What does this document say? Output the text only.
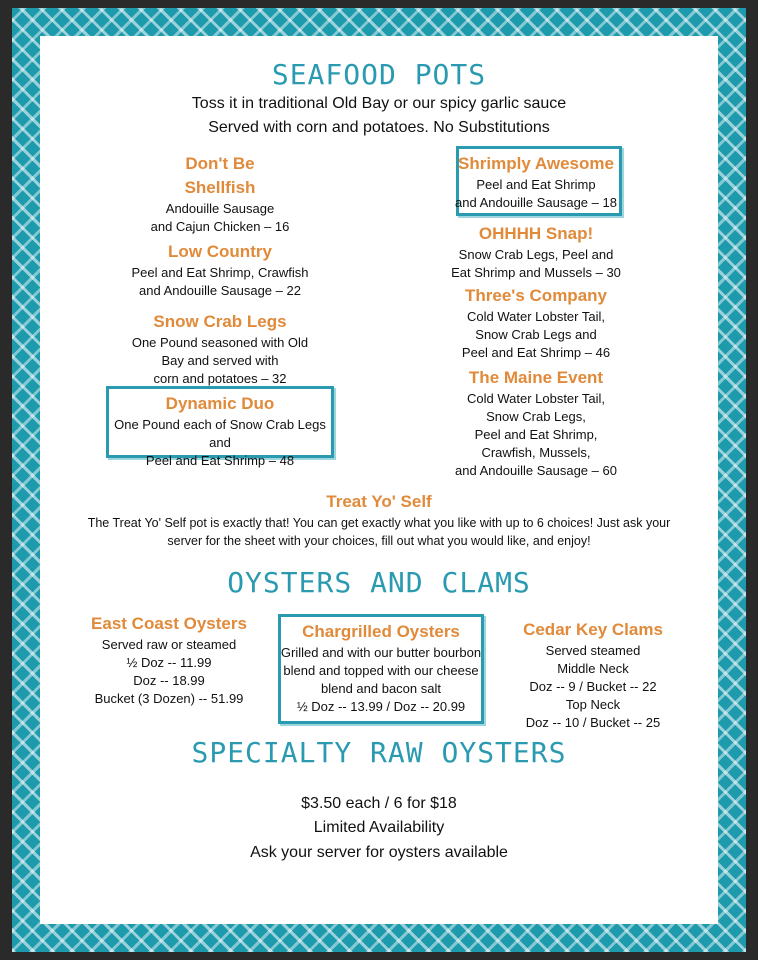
SEAFOOD POTS
Toss it in traditional Old Bay or our spicy garlic sauce
Served with corn and potatoes. No Substitutions
Don't Be
Shellfish
Andouille Sausage
and Cajun Chicken – 16
Low Country
Peel and Eat Shrimp, Crawfish
and Andouille Sausage – 22
Snow Crab Legs
One Pound seasoned with Old
Bay and served with
corn and potatoes – 32
Dynamic Duo
One Pound each of Snow Crab Legs and
Peel and Eat Shrimp – 48
Shrimply Awesome
Peel and Eat Shrimp
and Andouille Sausage – 18
OHHHH Snap!
Snow Crab Legs, Peel and
Eat Shrimp and Mussels – 30
Three's Company
Cold Water Lobster Tail,
Snow Crab Legs and
Peel and Eat Shrimp – 46
The Maine Event
Cold Water Lobster Tail,
Snow Crab Legs,
Peel and Eat Shrimp,
Crawfish, Mussels,
and Andouille Sausage – 60
Treat Yo' Self
The Treat Yo' Self pot is exactly that! You can get exactly what you like with up to 6 choices! Just ask your
server for the sheet with your choices, fill out what you would like, and enjoy!
OYSTERS AND CLAMS
East Coast Oysters
Served raw or steamed
½ Doz -- 11.99
Doz -- 18.99
Bucket (3 Dozen) -- 51.99
Chargrilled Oysters
Grilled and with our butter bourbon
blend and topped with our cheese
blend and bacon salt
½ Doz -- 13.99 / Doz -- 20.99
Cedar Key Clams
Served steamed
Middle Neck
Doz -- 9 / Bucket -- 22
Top Neck
Doz -- 10 / Bucket -- 25
SPECIALTY RAW OYSTERS
$3.50 each / 6 for $18
Limited Availability
Ask your server for oysters available
